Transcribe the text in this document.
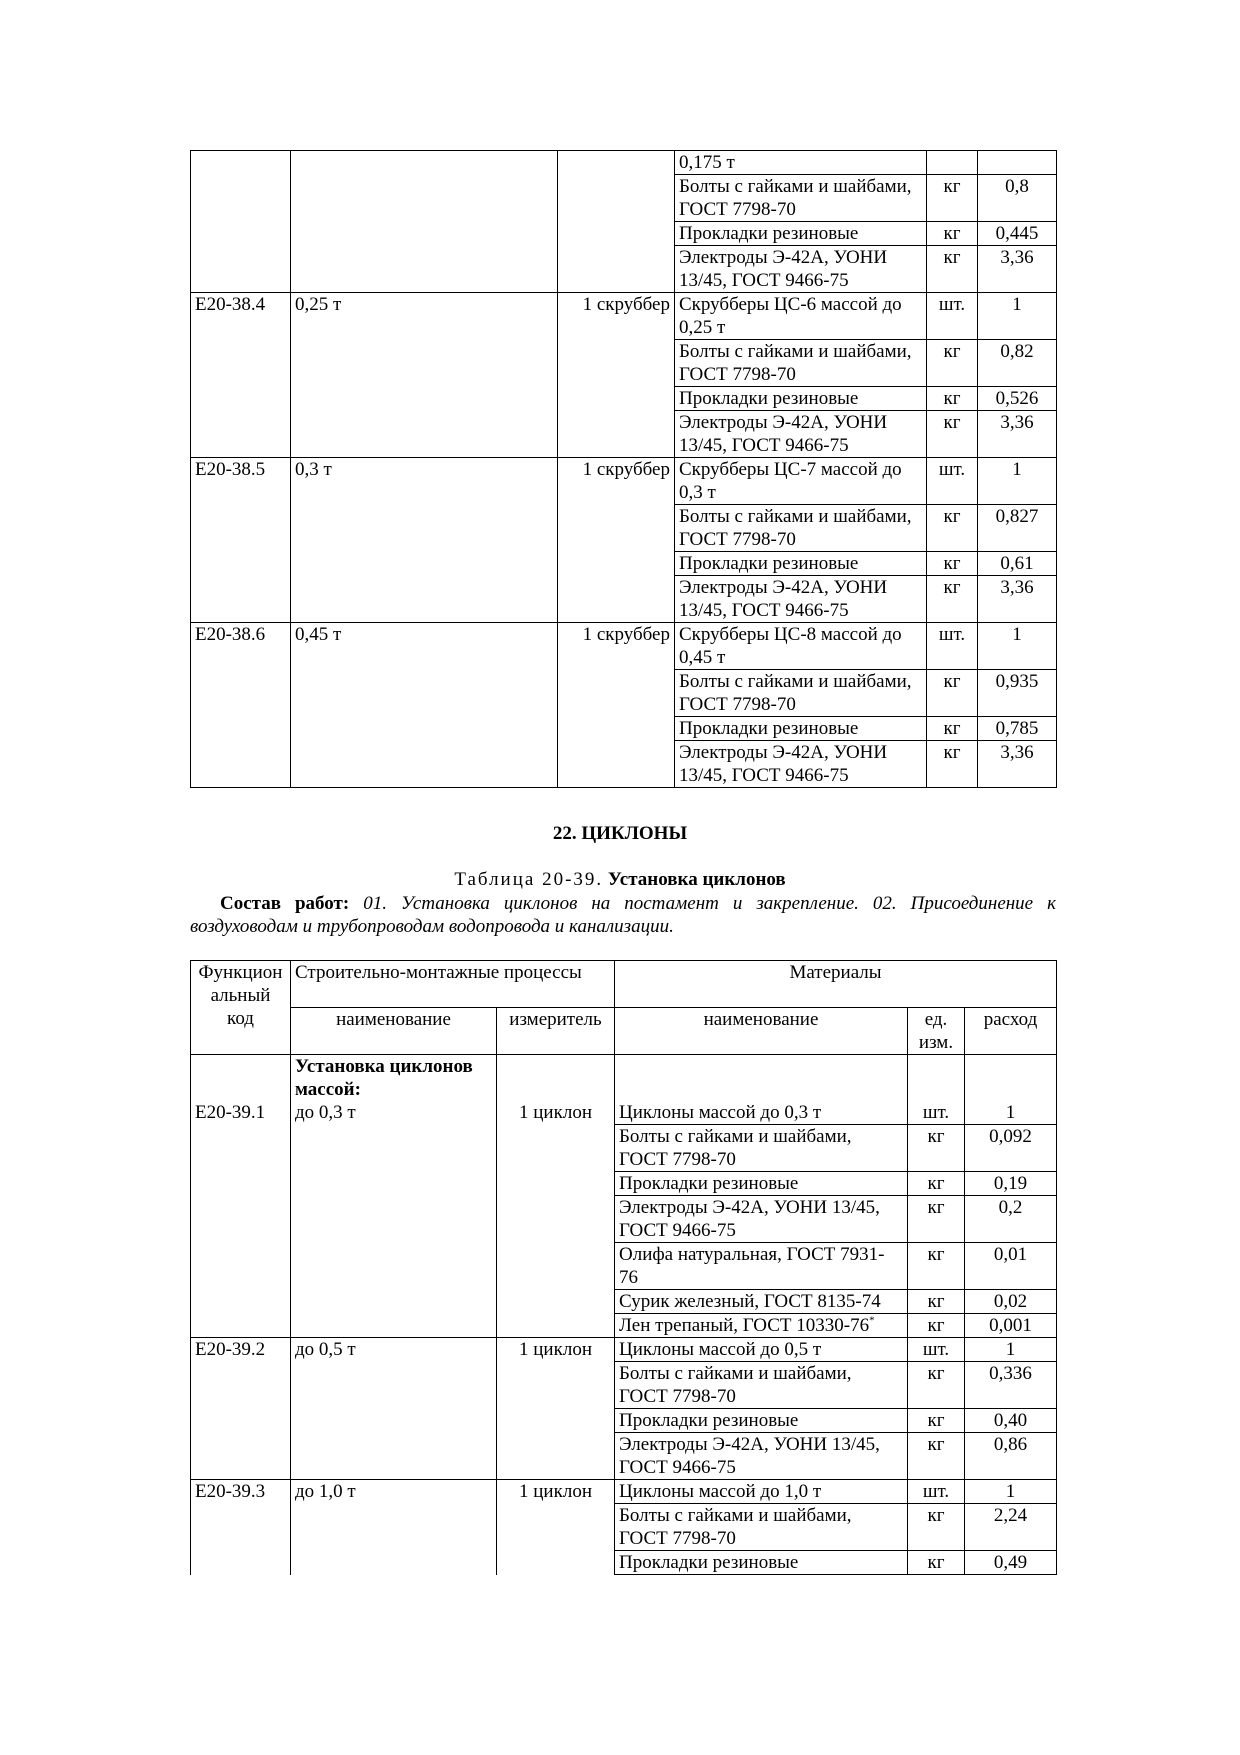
			0,175 т		
			Болты с гайками и шайбами, ГОСТ 7798-70	кг	0,8
			Прокладки резиновые	кг	0,445
			Электроды Э-42А, УОНИ 13/45, ГОСТ 9466-75	кг	3,36
Е20-38.4	0,25 т	1 скруббер	Скрубберы ЦС-6 массой до 0,25 т	шт.	1
			Болты с гайками и шайбами, ГОСТ 7798-70	кг	0,82
			Прокладки резиновые	кг	0,526
			Электроды Э-42А, УОНИ 13/45, ГОСТ 9466-75	кг	3,36
Е20-38.5	0,3 т	1 скруббер	Скрубберы ЦС-7 массой до 0,3 т	шт.	1
			Болты с гайками и шайбами, ГОСТ 7798-70	кг	0,827
			Прокладки резиновые	кг	0,61
			Электроды Э-42А, УОНИ 13/45, ГОСТ 9466-75	кг	3,36
Е20-38.6	0,45 т	1 скруббер	Скрубберы ЦС-8 массой до 0,45 т	шт.	1
			Болты с гайками и шайбами, ГОСТ 7798-70	кг	0,935
			Прокладки резиновые	кг	0,785
			Электроды Э-42А, УОНИ 13/45, ГОСТ 9466-75	кг	3,36
22. ЦИКЛОНЫ
Таблица 20-39. Установка циклонов
Состав работ: 01. Установка циклонов на постамент и закрепление. 02. Присоединение к воздуховодам и трубопроводам водопровода и канализации.
Функцион альный код	Строительно-монтажные процессы		Материалы		
	наименование	измеритель	наименование	ед. изм.	расход
	Установка циклонов массой:				
Е20-39.1	до 0,3 т	1 циклон	Циклоны массой до 0,3 т	шт.	1
			Болты с гайками и шайбами, ГОСТ 7798-70	кг	0,092
			Прокладки резиновые	кг	0,19
			Электроды Э-42А, УОНИ 13/45, ГОСТ 9466-75	кг	0,2
			Олифа натуральная, ГОСТ 7931-76	кг	0,01
			Сурик железный, ГОСТ 8135-74	кг	0,02
			Лен трепаный, ГОСТ 10330-76*	кг	0,001
Е20-39.2	до 0,5 т	1 циклон	Циклоны массой до 0,5 т	шт.	1
			Болты с гайками и шайбами, ГОСТ 7798-70	кг	0,336
			Прокладки резиновые	кг	0,40
			Электроды Э-42А, УОНИ 13/45, ГОСТ 9466-75	кг	0,86
Е20-39.3	до 1,0 т	1 циклон	Циклоны массой до 1,0 т	шт.	1
			Болты с гайками и шайбами, ГОСТ 7798-70	кг	2,24
			Прокладки резиновые	кг	0,49
